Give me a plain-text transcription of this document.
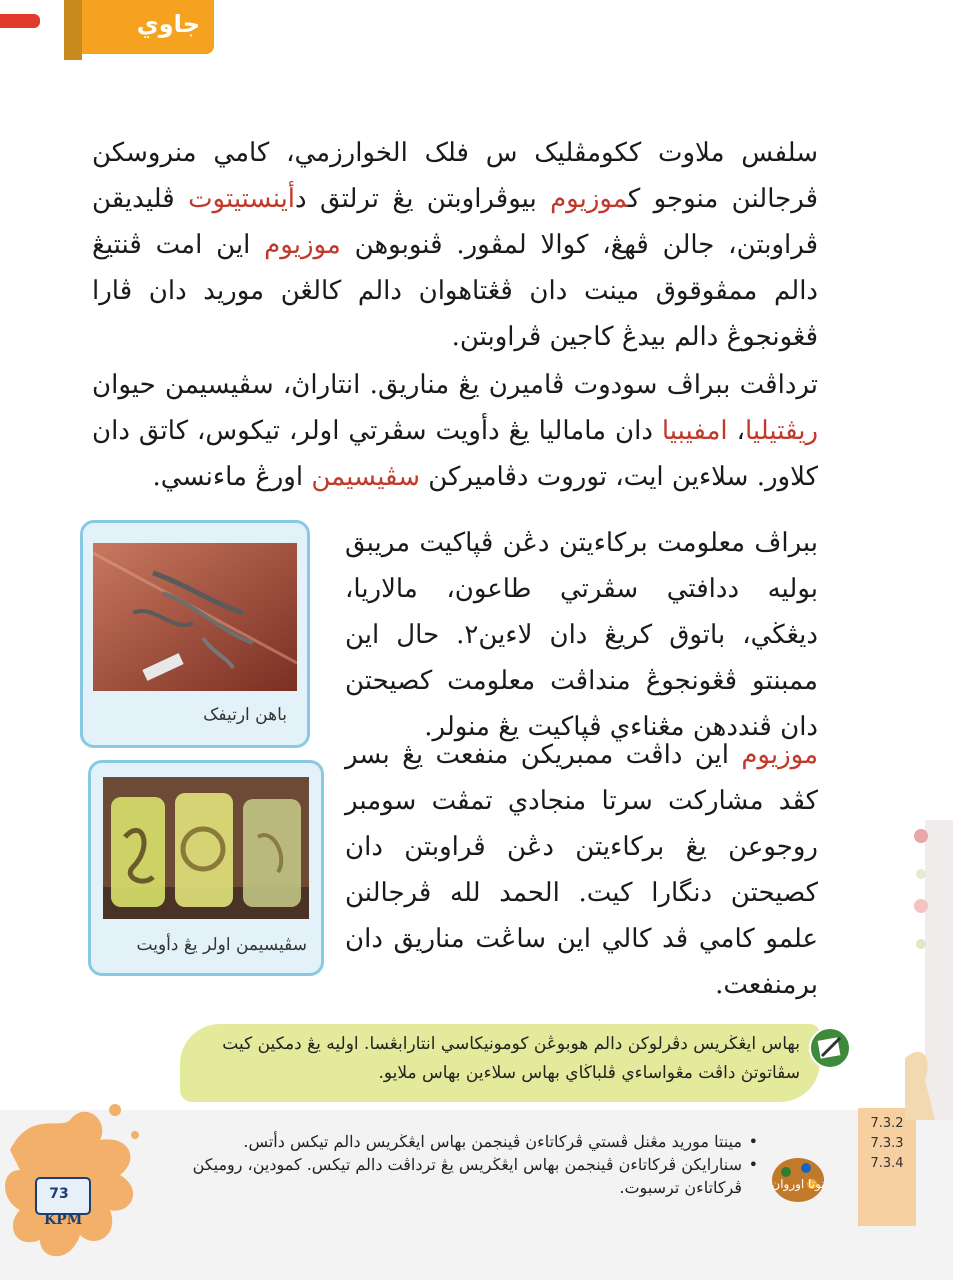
جاوي
سلفس ملاوت ككومڤليک س فلک الخوارزمي، کامي منروسکن ڤرجالنن منوجو کموزيوم بيوڤراوبتن يڠ ترلتق دأينستيتوت ڤليديقن ڤراوبتن، جالن ڤهڠ، کوالا لمڤور. ڤنوبوهن موزيوم اين امت ڤنتيڠ دالم ممڤوقوق مينت دان ڤڠتاهوان دالم کالڠن موريد دان ڤارا ڤڠونجوڠ دالم بيدڠ کاجين ڤراوبتن.
ترداڤت ببراڤ سودوت ڤاميرن يڠ مناريق. انتاراڽ، سڤيسيمن حيوان ريڤتيليا، امفيبيا دان ماماليا يڠ دأويت سڤرتي اولر، تيکوس، کاتق دان کلاور. سلاءين ايت، توروت دڤاميرکن سڤيسيمن اورڠ ماءنسي.
ببراڤ معلومت برکاءيتن دڠن ڤڽاکيت مريبق بوليه ددافتي سڤرتي طاعون، مالاريا، ديڠڬي، باتوق کريڠ دان لاءين٢. حال اين ممبنتو ڤڠونجوڠ منداڤت معلومت کصيحتن دان ڤنددهن مڠناءي ڤڽاکيت يڠ منولر.
موزيوم اين داڤت ممبريکن منفعت يڠ بسر کڤد مشارکت سرتا منجادي تمڤت سومبر روجوعن يڠ برکاءيتن دڠن ڤراوبتن دان کصيحتن دنگارا کيت. الحمد لله ڤرجالنن علمو کامي ڤد کالي اين ساڠت مناريق دان برمنفعت.
باهن ارتيفک
سڤيسيمن اولر يڠ دأويت
بهاس ايڠڬريس دڤرلوکن دالم هوبوڠن کومونيکاسي انتارابڠسا. اوليه يڠ دمکين کيت سڤاتوتڽ داڤت مڠواساءي ڤلباڬاي بهاس سلاءين بهاس ملايو.
73
KPM
• مينتا موريد مڠنل ڤستي ڤرکاتاءن ڤينجمن بهاس ايڠڬريس دالم تيکس دأتس.
• سنارايکن ڤرکاتاءن ڤينجمن بهاس ايڠڬريس يڠ ترداڤت دالم تيکس. کمودين، روميکن ڤرکاتاءن ترسبوت. نوتا اوروان
7.3.2
7.3.3
7.3.4
